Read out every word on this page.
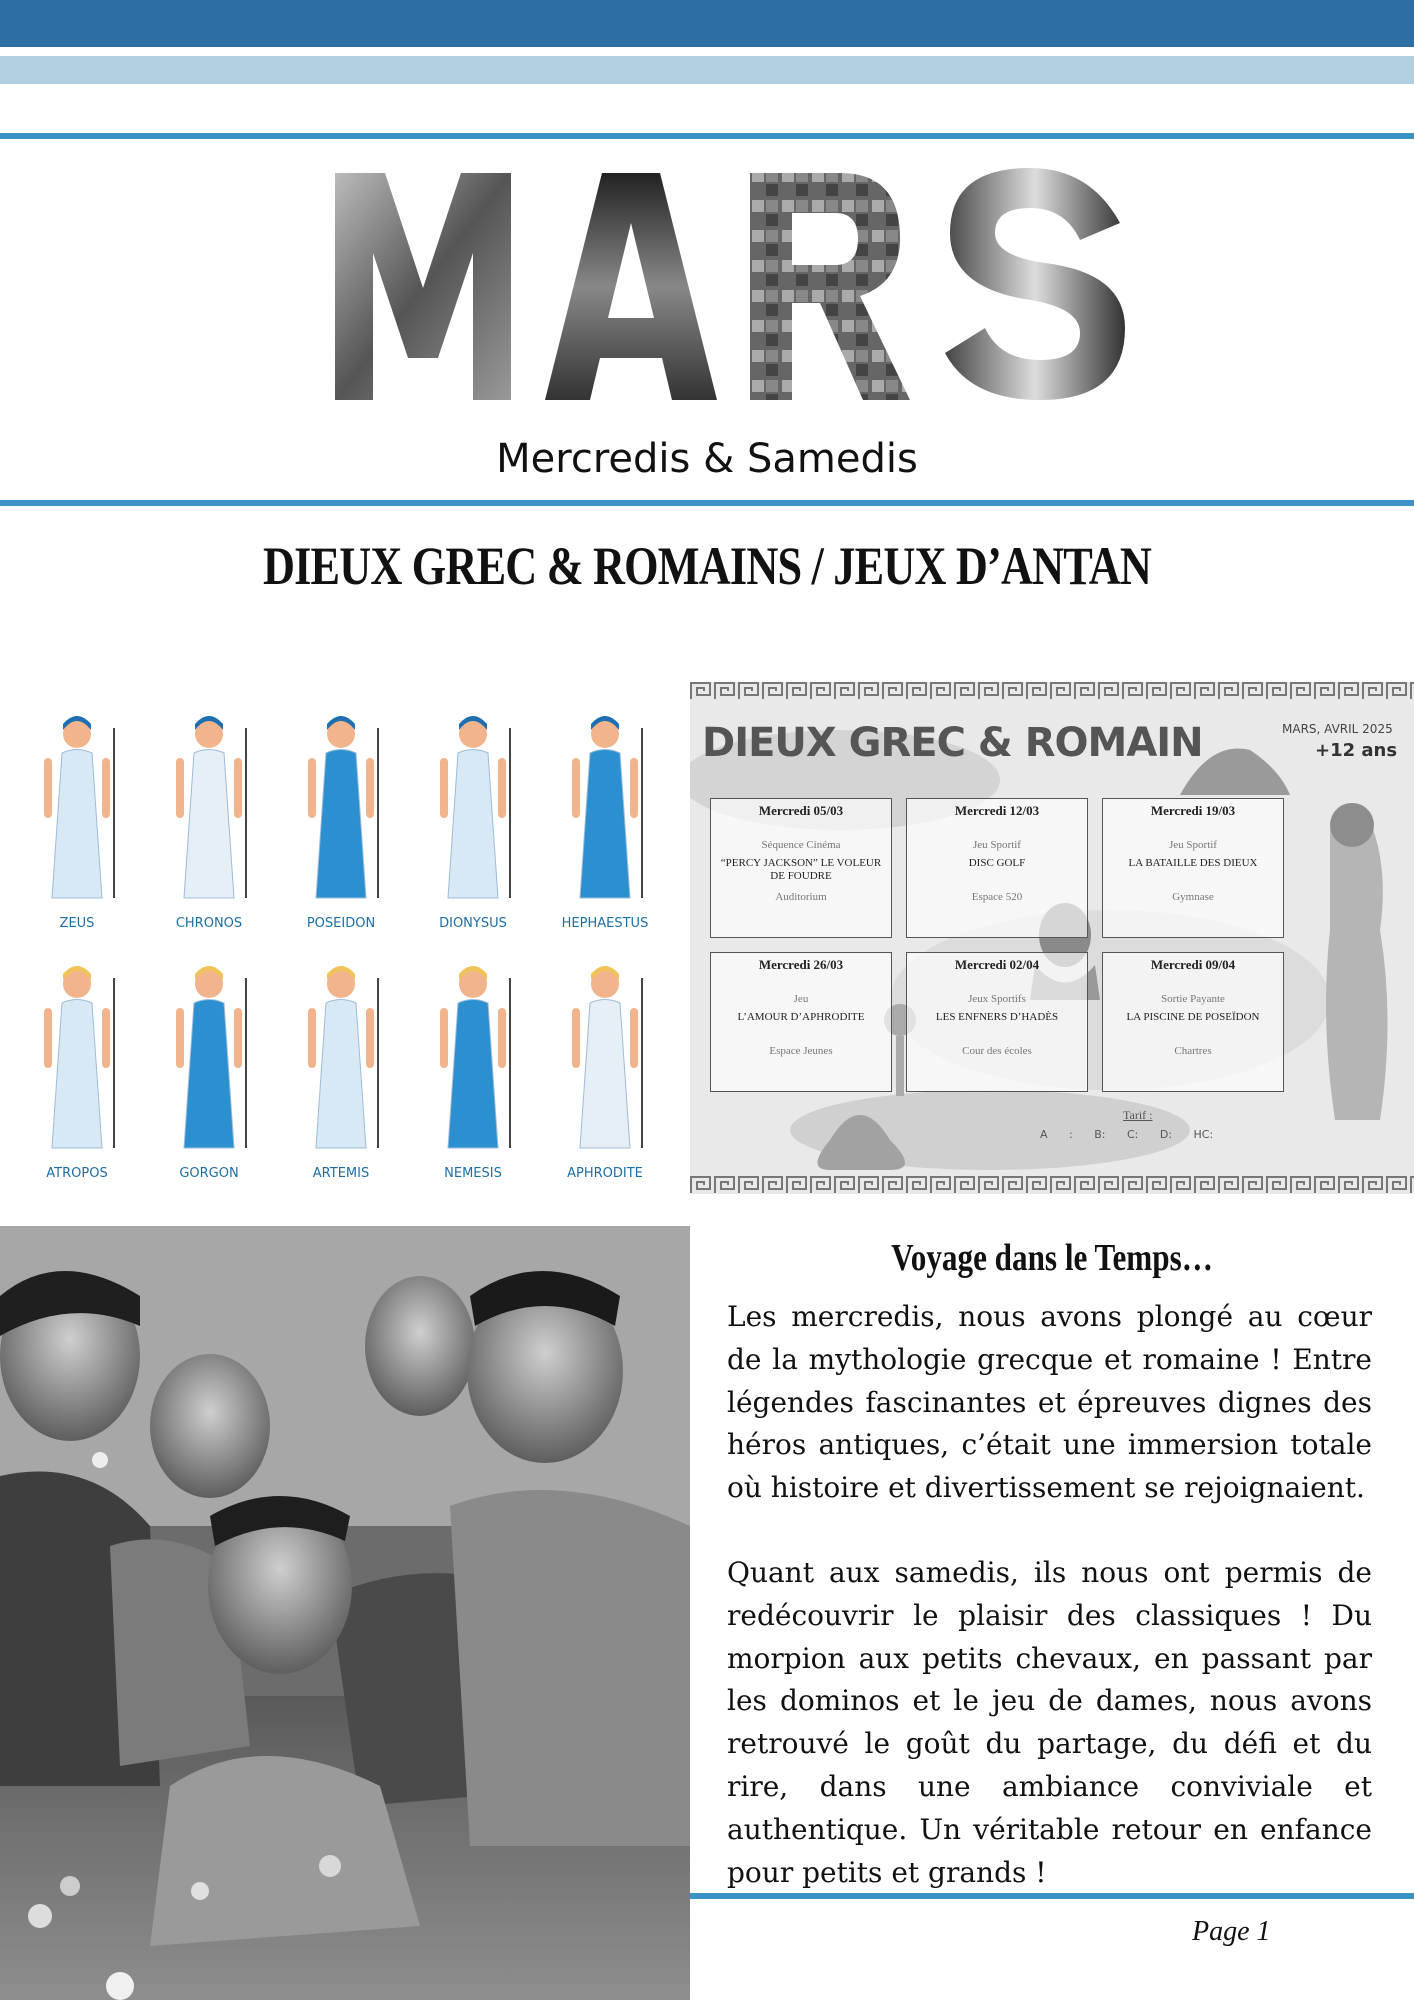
Mercredis & Samedis
DIEUX GREC & ROMAINS / JEUX D’ANTAN
ZEUS	CHRONOS	POSEIDON	DIONYSUS	HEPHAESTUS
ATROPOS	GORGON	ARTEMIS	NEMESIS	APHRODITE
DIEUX GREC & ROMAIN	MARS, AVRIL 2025
+12 ans
Mercredi 05/03
Séquence Cinéma
“PERCY JACKSON” LE VOLEUR DE FOUDRE
Auditorium
Mercredi 12/03
Jeu Sportif
DISC GOLF
Espace 520
Mercredi 19/03
Jeu Sportif
LA BATAILLE DES DIEUX
Gymnase
Mercredi 26/03
Jeu
L’AMOUR D’APHRODITE
Espace Jeunes
Mercredi 02/04
Jeux Sportifs
LES ENFNERS D’HADÈS
Cour des écoles
Mercredi 09/04
Sortie Payante
LA PISCINE DE POSEÏDON
Chartres
Tarif :
A : B: C: D: HC:
Voyage dans le Temps…

Les mercredis, nous avons plongé au cœur de la mythologie grecque et romaine ! Entre légendes fascinantes et épreuves dignes des héros antiques, c’était une immersion totale où histoire et divertissement se rejoignaient.

Quant aux samedis, ils nous ont permis de redécouvrir le plaisir des classiques ! Du morpion aux petits chevaux, en passant par les dominos et le jeu de dames, nous avons retrouvé le goût du partage, du défi et du rire, dans une ambiance conviviale et authentique. Un véritable retour en enfance pour petits et grands !

Page 1
